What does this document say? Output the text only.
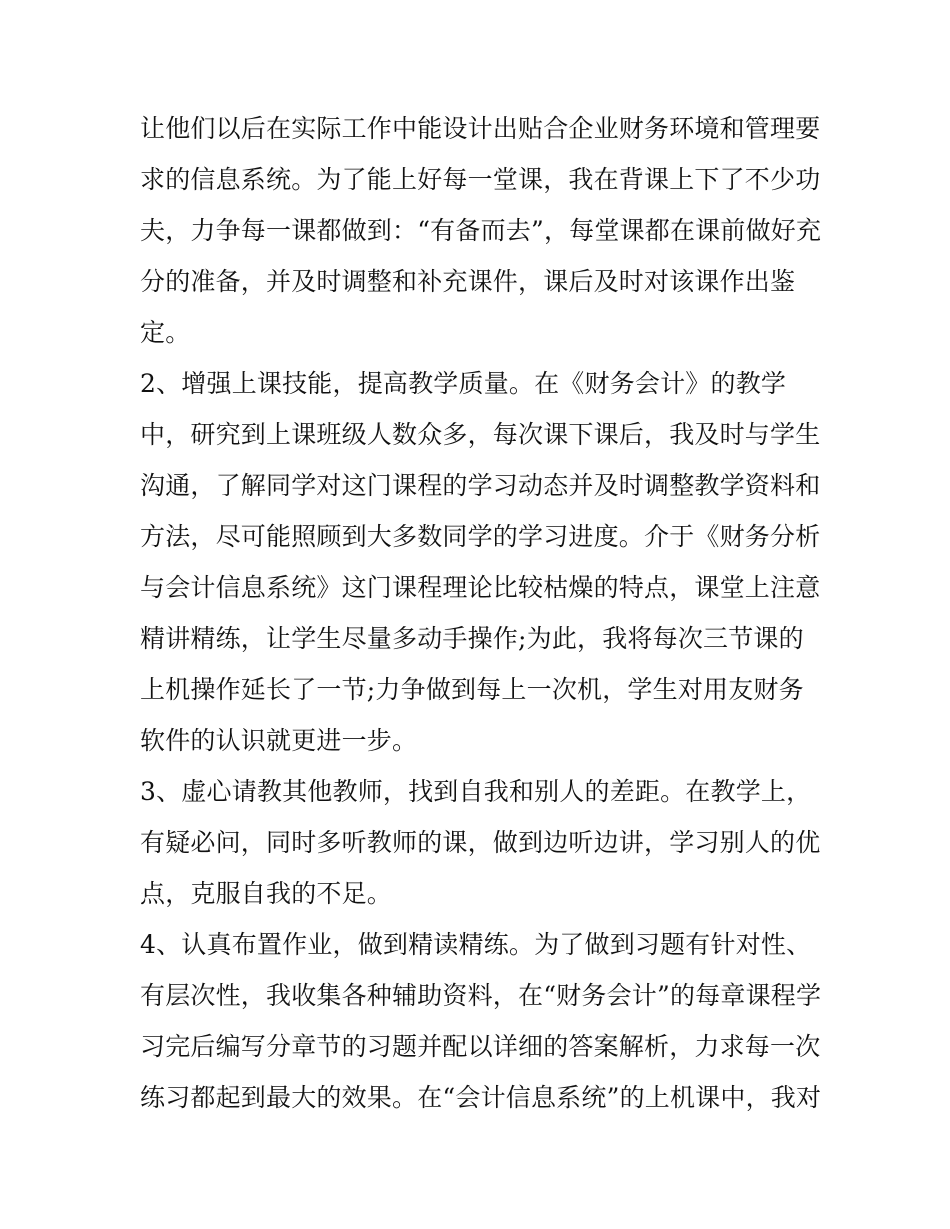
让他们以后在实际工作中能设计出贴合企业财务环境和管理要
求的信息系统。为了能上好每一堂课，我在背课上下了不少功
夫，力争每一课都做到：“有备而去”，每堂课都在课前做好充
分的准备，并及时调整和补充课件，课后及时对该课作出鉴
定。
2、增强上课技能，提高教学质量。在《财务会计》的教学
中，研究到上课班级人数众多，每次课下课后，我及时与学生
沟通，了解同学对这门课程的学习动态并及时调整教学资料和
方法，尽可能照顾到大多数同学的学习进度。介于《财务分析
与会计信息系统》这门课程理论比较枯燥的特点，课堂上注意
精讲精练，让学生尽量多动手操作;为此，我将每次三节课的
上机操作延长了一节;力争做到每上一次机，学生对用友财务
软件的认识就更进一步。
3、虚心请教其他教师，找到自我和别人的差距。在教学上，
有疑必问，同时多听教师的课，做到边听边讲，学习别人的优
点，克服自我的不足。
4、认真布置作业，做到精读精练。为了做到习题有针对性、
有层次性，我收集各种辅助资料，在“财务会计”的每章课程学
习完后编写分章节的习题并配以详细的答案解析，力求每一次
练习都起到最大的效果。在“会计信息系统”的上机课中，我对
